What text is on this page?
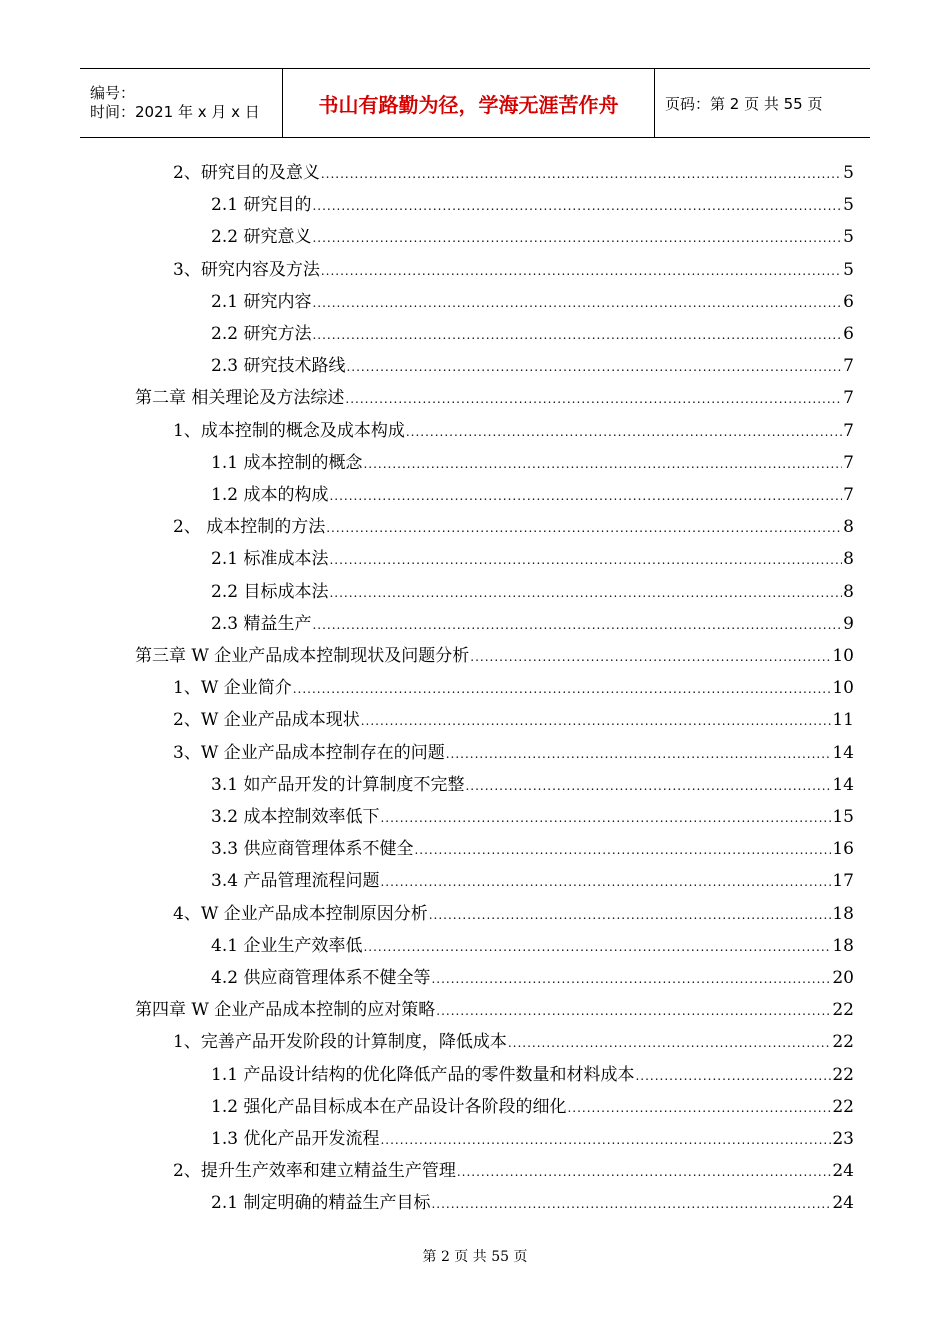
编号：
时间：2021 年 x 月 x 日	书山有路勤为径，学海无涯苦作舟	页码：第 2 页 共 55 页
2、研究目的及意义 .....	5
2.1 研究目的 .....	5
2.2 研究意义 .....	5
3、研究内容及方法 .....	5
2.1 研究内容 .....	6
2.2 研究方法 .....	6
2.3 研究技术路线 .....	7
第二章 相关理论及方法综述 .....	7
1、成本控制的概念及成本构成 .....	7
1.1 成本控制的概念 .....	7
1.2 成本的构成 .....	7
2、 成本控制的方法 .....	8
2.1 标准成本法 .....	8
2.2 目标成本法 .....	8
2.3 精益生产 .....	9
第三章 W 企业产品成本控制现状及问题分析 .....	10
1、W 企业简介 .....	10
2、W 企业产品成本现状 .....	11
3、W 企业产品成本控制存在的问题 .....	14
3.1 如产品开发的计算制度不完整 .....	14
3.2 成本控制效率低下 .....	15
3.3 供应商管理体系不健全 .....	16
3.4 产品管理流程问题 .....	17
4、W 企业产品成本控制原因分析 .....	18
4.1 企业生产效率低 .....	18
4.2 供应商管理体系不健全等 .....	20
第四章 W 企业产品成本控制的应对策略 .....	22
1、完善产品开发阶段的计算制度，降低成本 .....	22
1.1 产品设计结构的优化降低产品的零件数量和材料成本 .....	22
1.2 强化产品目标成本在产品设计各阶段的细化 .....	22
1.3 优化产品开发流程 .....	23
2、提升生产效率和建立精益生产管理 .....	24
2.1 制定明确的精益生产目标 .....	24
第 2 页 共 55 页
